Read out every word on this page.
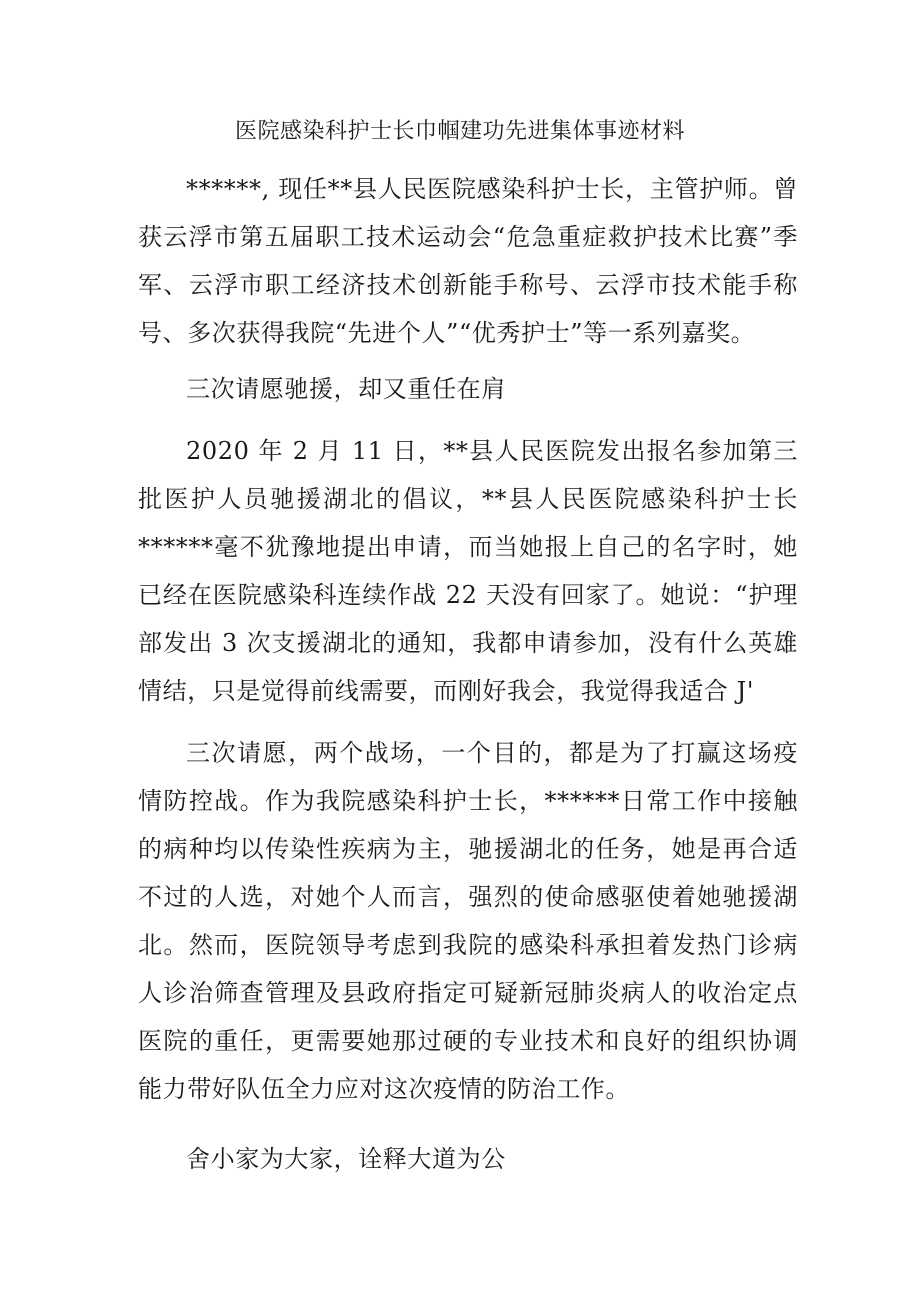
医院感染科护士长巾帼建功先进集体事迹材料

******, 现任**县人民医院感染科护士长，主管护师。曾获云浮市第五届职工技术运动会“危急重症救护技术比赛”季军、云浮市职工经济技术创新能手称号、云浮市技术能手称号、多次获得我院“先进个人”“优秀护士”等一系列嘉奖。

三次请愿驰援，却又重任在肩

2020 年 2 月 11 日，**县人民医院发出报名参加第三批医护人员驰援湖北的倡议，**县人民医院感染科护士长******毫不犹豫地提出申请，而当她报上自己的名字时，她已经在医院感染科连续作战 22 天没有回家了。她说：“护理部发出 3 次支援湖北的通知，我都申请参加，没有什么英雄情结，只是觉得前线需要，而刚好我会，我觉得我适合 J'

三次请愿，两个战场，一个目的，都是为了打赢这场疫情防控战。作为我院感染科护士长，******日常工作中接触的病种均以传染性疾病为主，驰援湖北的任务，她是再合适不过的人选，对她个人而言，强烈的使命感驱使着她驰援湖北。然而，医院领导考虑到我院的感染科承担着发热门诊病人诊治筛查管理及县政府指定可疑新冠肺炎病人的收治定点医院的重任，更需要她那过硬的专业技术和良好的组织协调能力带好队伍全力应对这次疫情的防治工作。

舍小家为大家，诠释大道为公
